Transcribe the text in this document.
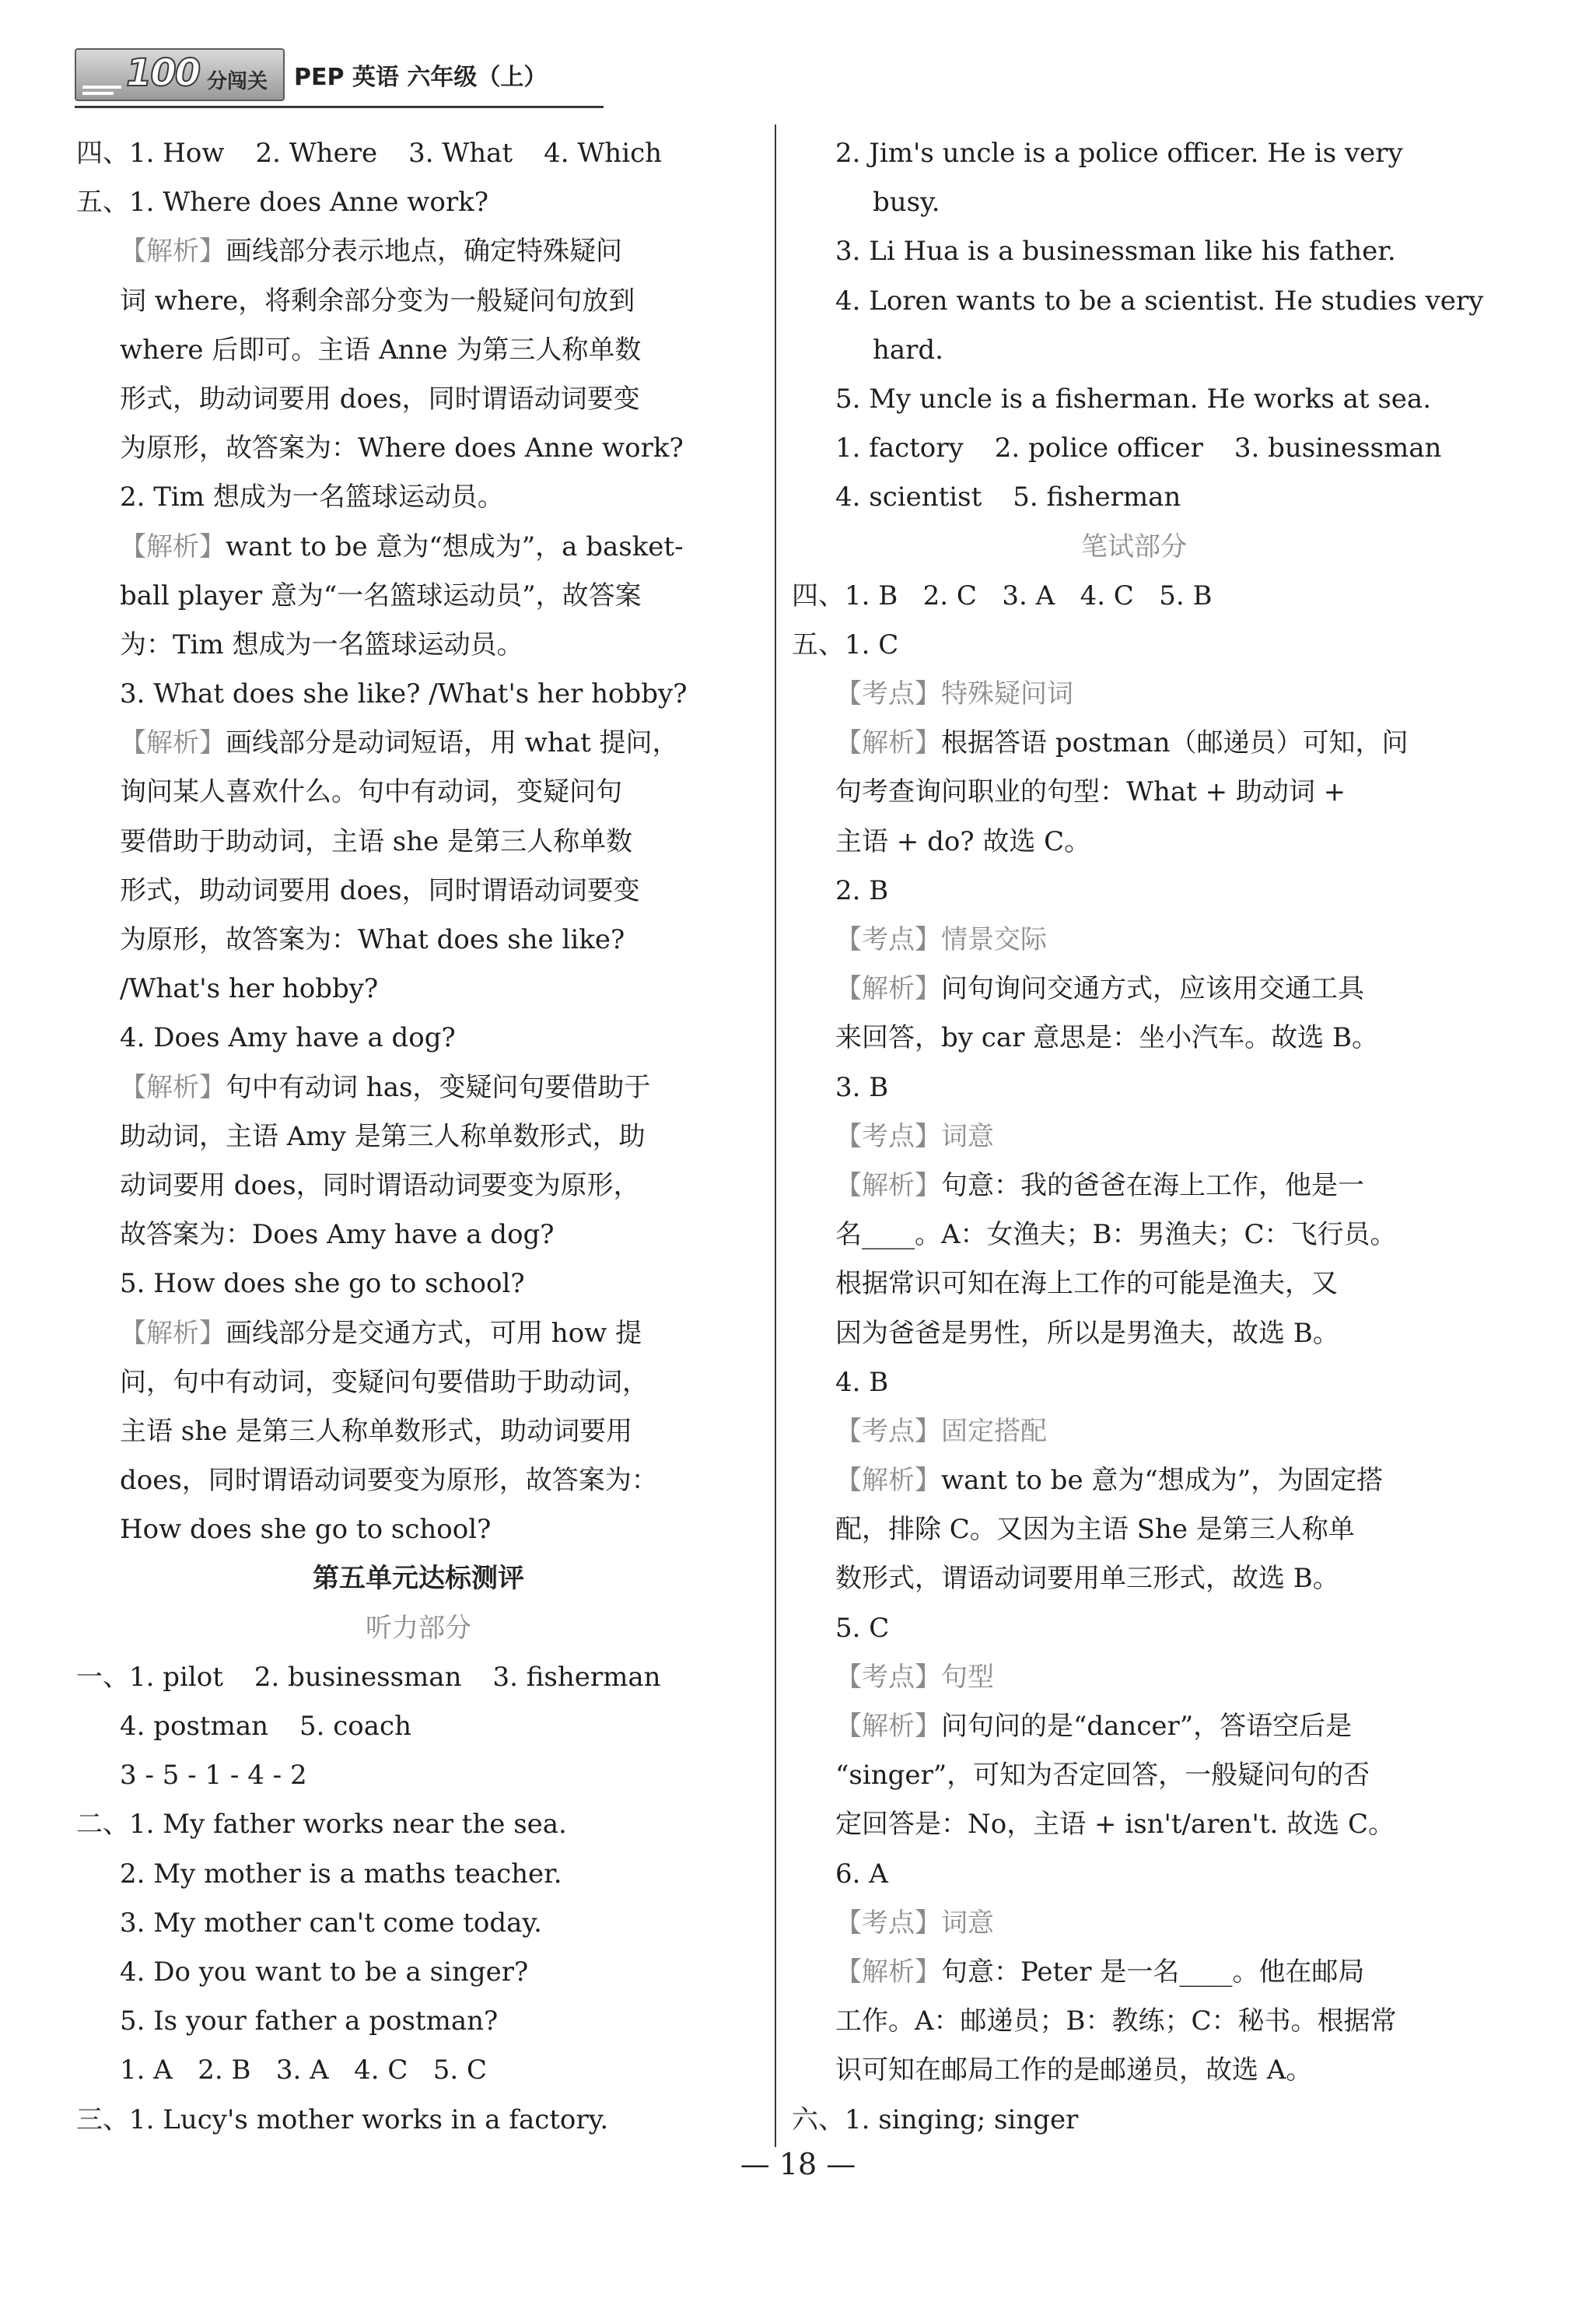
100 分闯关 PEP 英语 六年级（上）
四、1. How 2. Where 3. What 4. Which
五、1. Where does Anne work?
【解析】画线部分表示地点，确定特殊疑问
词 where，将剩余部分变为一般疑问句放到
where 后即可。主语 Anne 为第三人称单数
形式，助动词要用 does，同时谓语动词要变
为原形，故答案为：Where does Anne work?
2. Tim 想成为一名篮球运动员。
【解析】want to be 意为“想成为”，a basket-
ball player 意为“一名篮球运动员”，故答案
为：Tim 想成为一名篮球运动员。
3. What does she like? /What's her hobby?
【解析】画线部分是动词短语，用 what 提问，
询问某人喜欢什么。句中有动词，变疑问句
要借助于助动词，主语 she 是第三人称单数
形式，助动词要用 does，同时谓语动词要变
为原形，故答案为：What does she like?
/What's her hobby?
4. Does Amy have a dog?
【解析】句中有动词 has，变疑问句要借助于
助动词，主语 Amy 是第三人称单数形式，助
动词要用 does，同时谓语动词要变为原形，
故答案为：Does Amy have a dog?
5. How does she go to school?
【解析】画线部分是交通方式，可用 how 提
问，句中有动词，变疑问句要借助于助动词，
主语 she 是第三人称单数形式，助动词要用
does，同时谓语动词要变为原形，故答案为：
How does she go to school?
第五单元达标测评
听力部分
一、1. pilot 2. businessman 3. fisherman
4. postman 5. coach
3 - 5 - 1 - 4 - 2
二、1. My father works near the sea.
2. My mother is a maths teacher.
3. My mother can't come today.
4. Do you want to be a singer?
5. Is your father a postman?
1. A   2. B   3. A   4. C   5. C
三、1. Lucy's mother works in a factory.
2. Jim's uncle is a police officer. He is very
busy.
3. Li Hua is a businessman like his father.
4. Loren wants to be a scientist. He studies very
hard.
5. My uncle is a fisherman. He works at sea.
1. factory 2. police officer 3. businessman
4. scientist 5. fisherman
笔试部分
四、1. B   2. C   3. A   4. C   5. B
五、1. C
【考点】特殊疑问词
【解析】根据答语 postman（邮递员）可知，问
句考查询问职业的句型：What + 助动词 +
主语 + do? 故选 C。
2. B
【考点】情景交际
【解析】问句询问交通方式，应该用交通工具
来回答，by car 意思是：坐小汽车。故选 B。
3. B
【考点】词意
【解析】句意：我的爸爸在海上工作，他是一
名____。A：女渔夫；B：男渔夫；C：飞行员。
根据常识可知在海上工作的可能是渔夫，又
因为爸爸是男性，所以是男渔夫，故选 B。
4. B
【考点】固定搭配
【解析】want to be 意为“想成为”，为固定搭
配，排除 C。又因为主语 She 是第三人称单
数形式，谓语动词要用单三形式，故选 B。
5. C
【考点】句型
【解析】问句问的是“dancer”，答语空后是
“singer”，可知为否定回答，一般疑问句的否
定回答是：No，主语 + isn't/aren't. 故选 C。
6. A
【考点】词意
【解析】句意：Peter 是一名____。他在邮局
工作。A：邮递员；B：教练；C：秘书。根据常
识可知在邮局工作的是邮递员，故选 A。
六、1. singing; singer
— 18 —
